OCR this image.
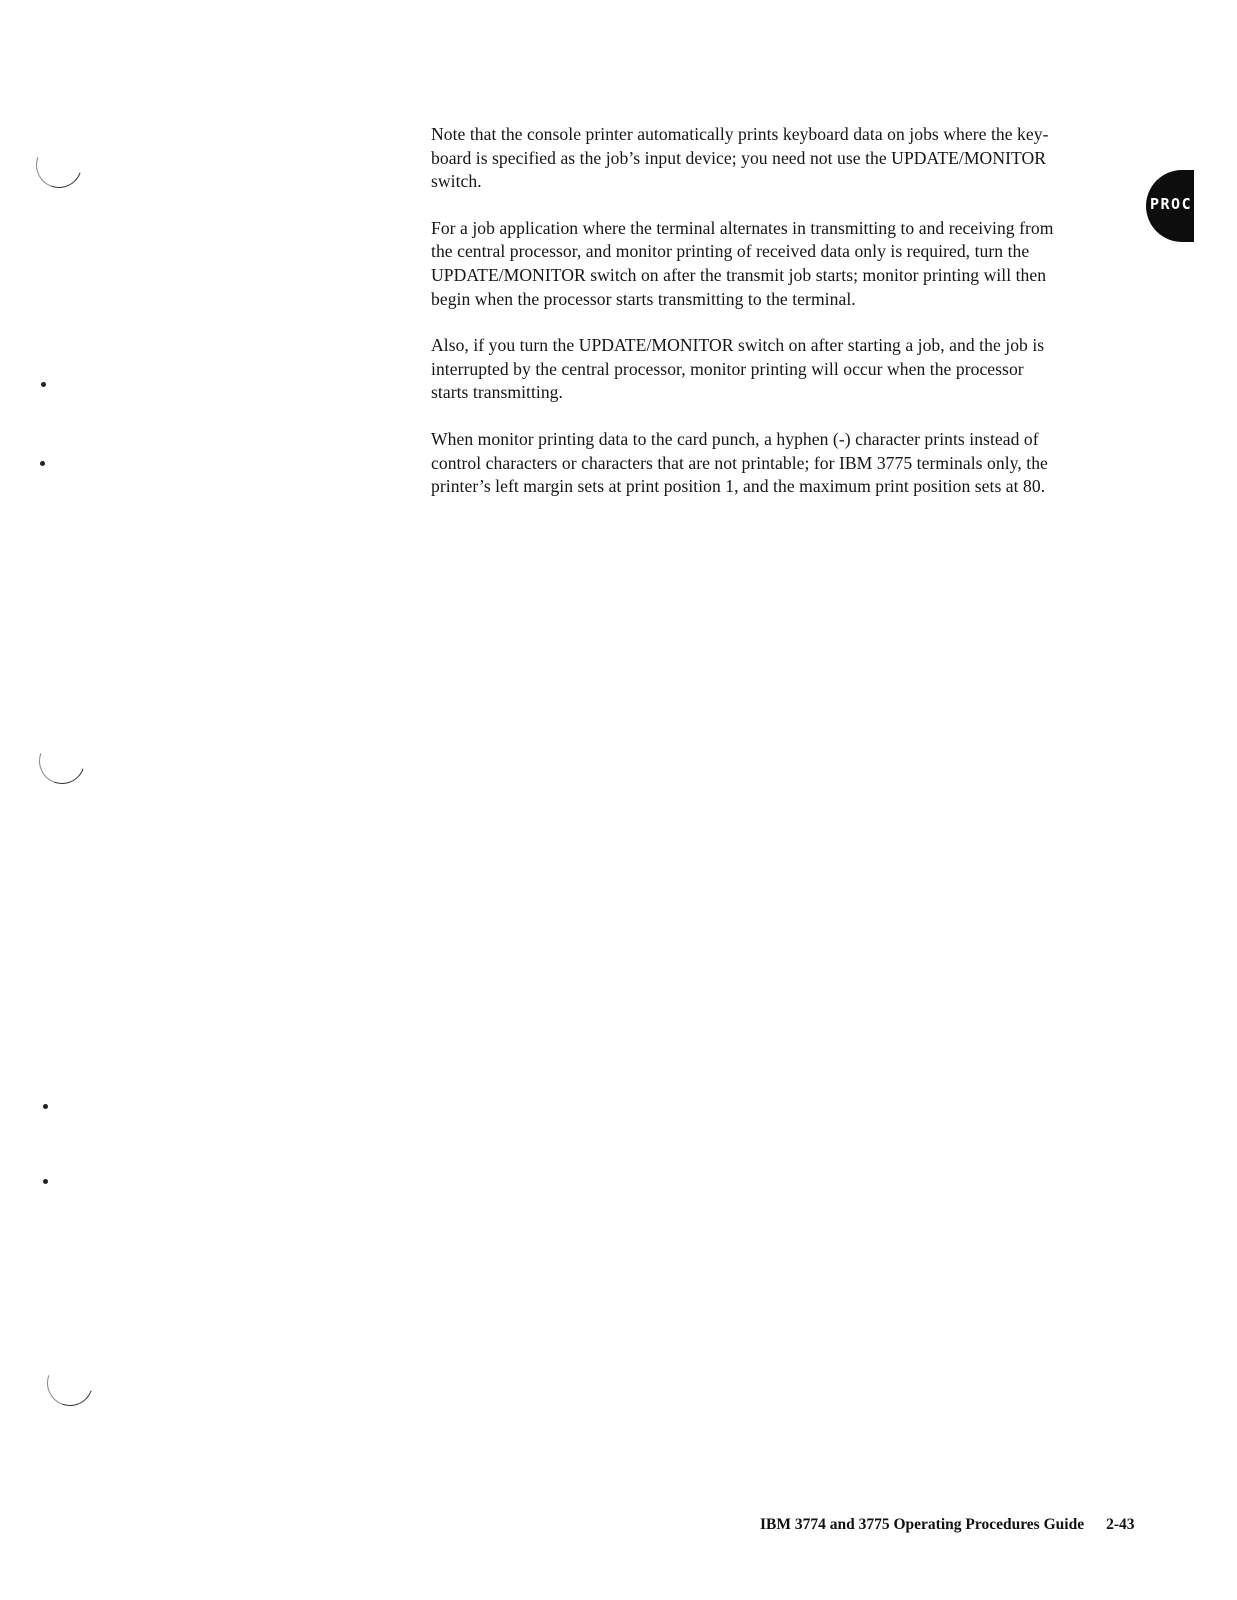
PROC

Note that the console printer automatically prints keyboard data on jobs where the key-
board is specified as the job’s input device; you need not use the UPDATE/MONITOR
switch.

For a job application where the terminal alternates in transmitting to and receiving from
the central processor, and monitor printing of received data only is required, turn the
UPDATE/MONITOR switch on after the transmit job starts; monitor printing will then
begin when the processor starts transmitting to the terminal.

Also, if you turn the UPDATE/MONITOR switch on after starting a job, and the job is
interrupted by the central processor, monitor printing will occur when the processor
starts transmitting.

When monitor printing data to the card punch, a hyphen (-) character prints instead of
control characters or characters that are not printable; for IBM 3775 terminals only, the
printer’s left margin sets at print position 1, and the maximum print position sets at 80.

IBM 3774 and 3775 Operating Procedures Guide 2-43
